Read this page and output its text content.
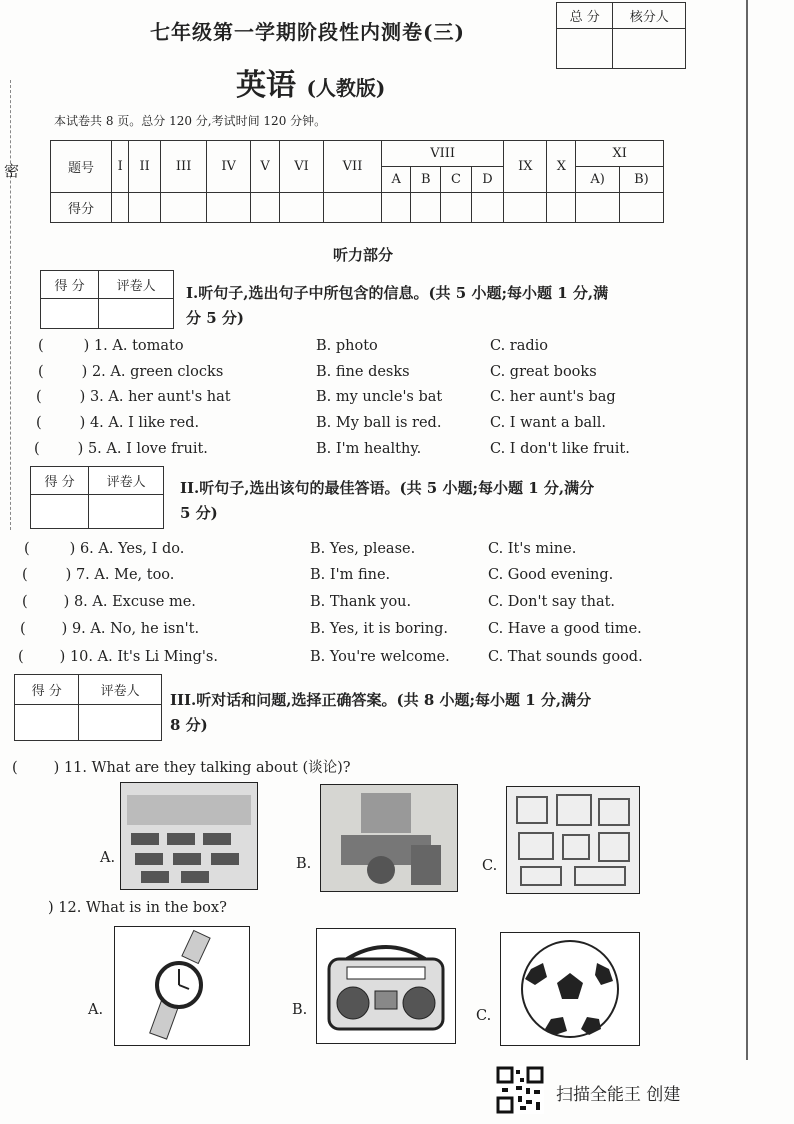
密
七年级第一学期阶段性内测卷(三)
英语 (人教版)
本试卷共 8 页。总分 120 分,考试时间 120 分钟。
总 分	核分人

题号	I	II	III	IV	V	VI	VII	VIII				IX	X	XI	
								A	B	C	D			A)	B)
得分															
听力部分
得 分	评卷人
	I.听句子,选出句子中所包含的信息。(共 5 小题;每小题 1 分,满
分 5 分)
(	) 1. A. tomato	B. photo	C. radio
(	) 2. A. green clocks	B. fine desks	C. great books
(	) 3. A. her aunt's hat	B. my uncle's bat	C. her aunt's bag
(	) 4. A. I like red.	B. My ball is red.	C. I want a ball.
(	) 5. A. I love fruit.	B. I'm healthy.	C. I don't like fruit.
得 分	评卷人
	II.听句子,选出该句的最佳答语。(共 5 小题;每小题 1 分,满分
5 分)
(	) 6. A. Yes, I do.	B. Yes, please.	C. It's mine.
(	) 7. A. Me, too.	B. I'm fine.	C. Good evening.
( ) 8. A. Excuse me.	B. Thank you.	C. Don't say that.
( ) 9. A. No, he isn't.	B. Yes, it is boring.	C. Have a good time.
( ) 10. A. It's Li Ming's.	B. You're welcome.	C. That sounds good.
得 分	评卷人
	III.听对话和问题,选择正确答案。(共 8 小题;每小题 1 分,满分
8 分)
( ) 11. What are they talking about (谈论)?
A.	B.	C.
) 12. What is in the box?
A.	B.	C.
扫描全能王 创建
